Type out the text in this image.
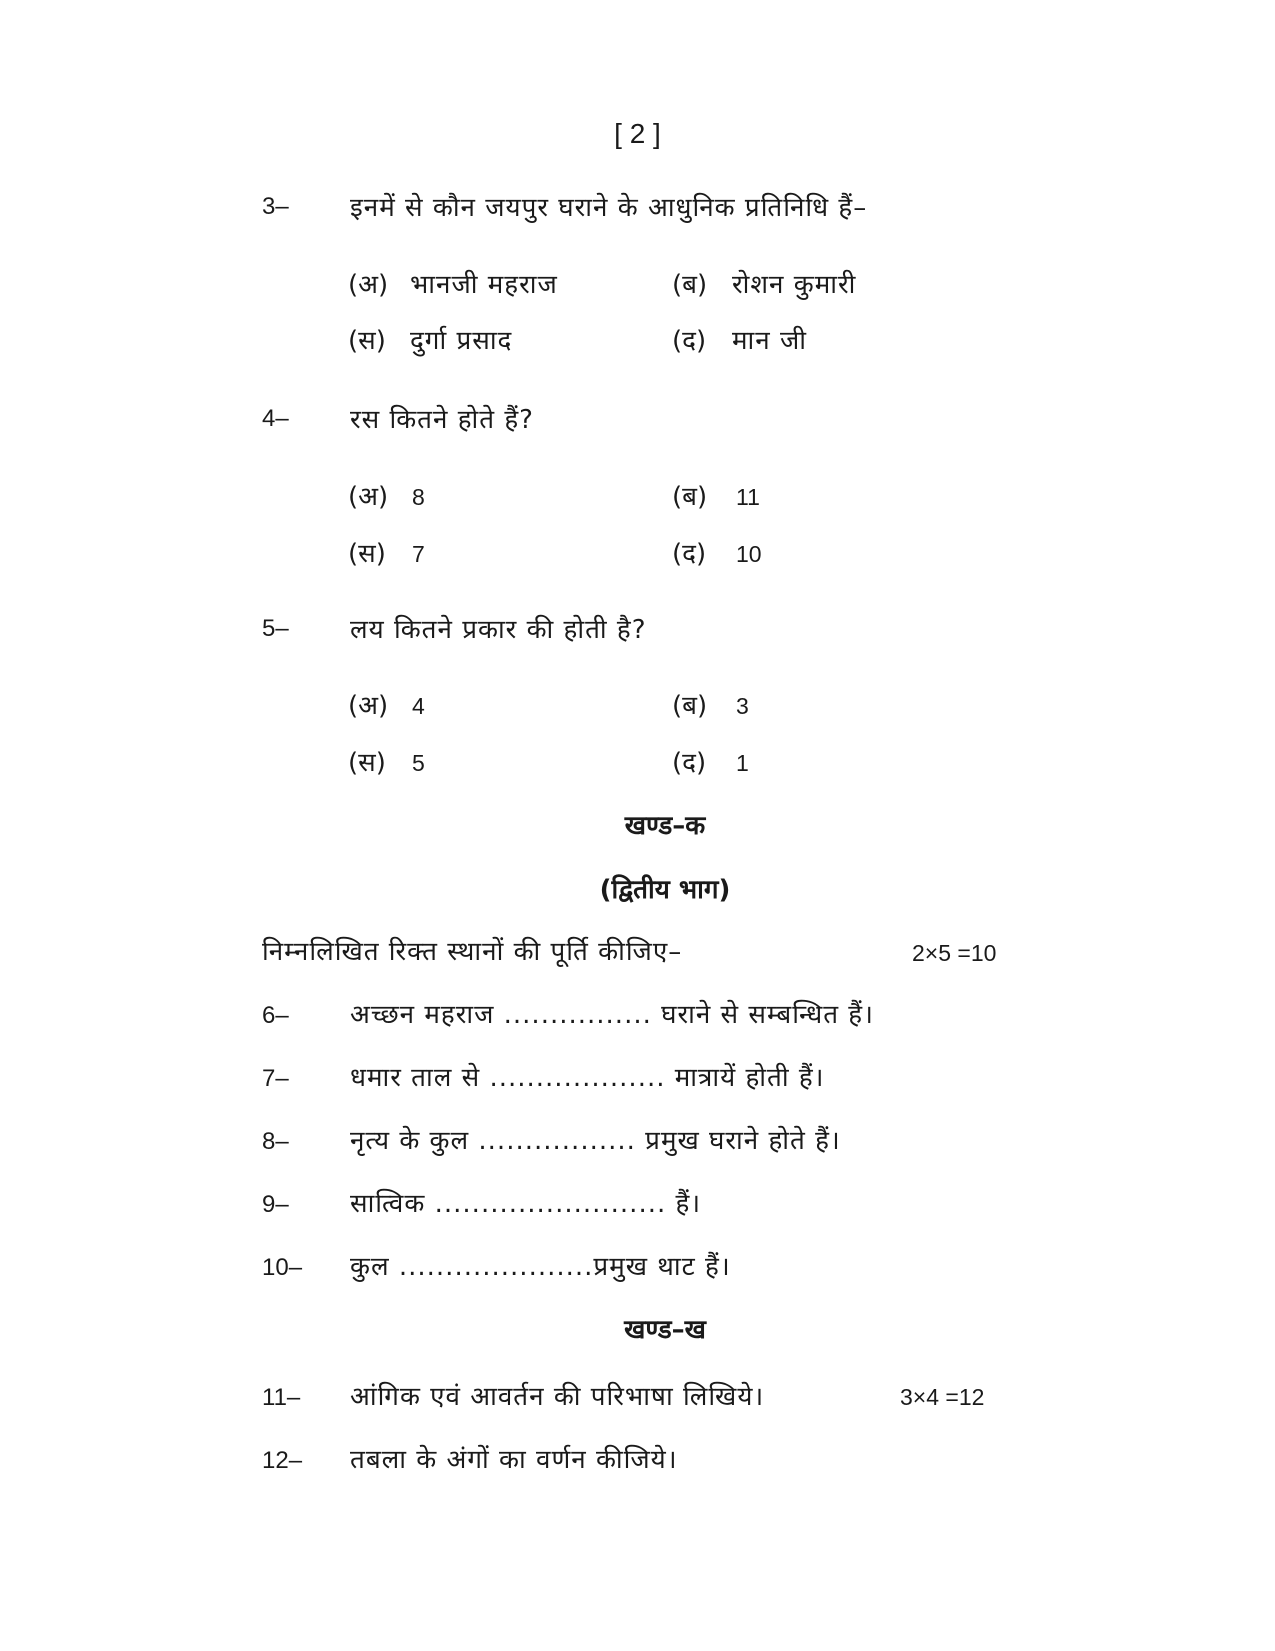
[ 2 ]
3– इनमें से कौन जयपुर घराने के आधुनिक प्रतिनिधि हैं–
(अ) भानजी महराज	(ब) रोशन कुमारी
(स) दुर्गा प्रसाद	(द) मान जी
4– रस कितने होते हैं?
(अ) 8	(ब) 11
(स) 7	(द) 10
5– लय कितने प्रकार की होती है?
(अ) 4	(ब) 3
(स) 5	(द) 1
खण्ड–क
(द्वितीय भाग)
निम्नलिखित रिक्त स्थानों की पूर्ति कीजिए–	2×5 =10
6– अच्छन महराज ................ घराने से सम्बन्धित हैं।
7– धमार ताल से ................... मात्रायें होती हैं।
8– नृत्य के कुल ................. प्रमुख घराने होते हैं।
9– सात्विक ......................... हैं।
10– कुल .....................प्रमुख थाट हैं।
खण्ड–ख
11– आंगिक एवं आवर्तन की परिभाषा लिखिये।	3×4 =12
12– तबला के अंगों का वर्णन कीजिये।
